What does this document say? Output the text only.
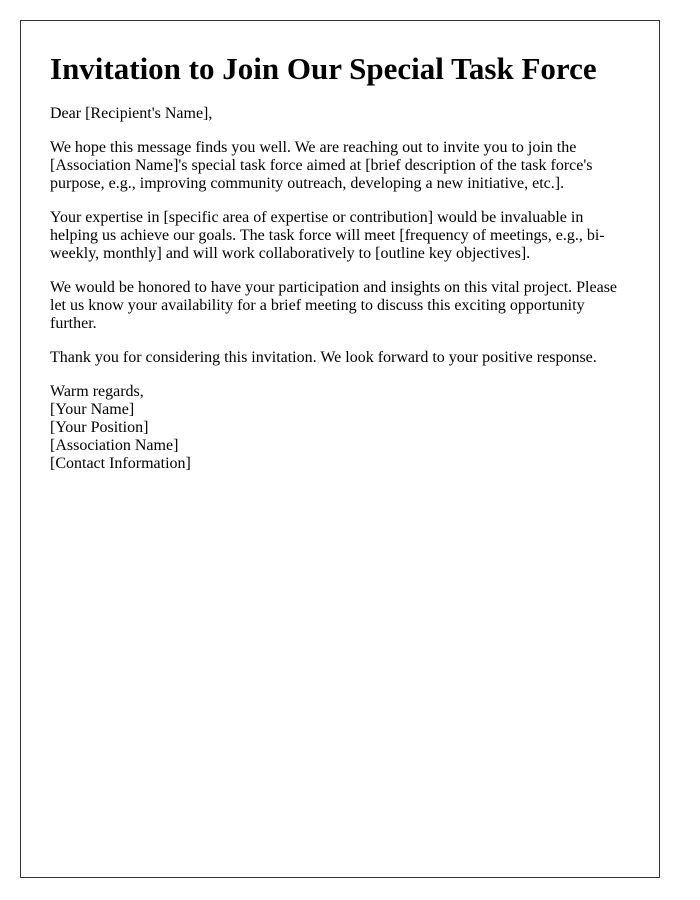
Invitation to Join Our Special Task Force

Dear [Recipient's Name],

We hope this message finds you well. We are reaching out to invite you to join the [Association Name]'s special task force aimed at [brief description of the task force's purpose, e.g., improving community outreach, developing a new initiative, etc.].

Your expertise in [specific area of expertise or contribution] would be invaluable in helping us achieve our goals. The task force will meet [frequency of meetings, e.g., bi-weekly, monthly] and will work collaboratively to [outline key objectives].

We would be honored to have your participation and insights on this vital project. Please let us know your availability for a brief meeting to discuss this exciting opportunity further.

Thank you for considering this invitation. We look forward to your positive response.

Warm regards,
[Your Name]
[Your Position]
[Association Name]
[Contact Information]
